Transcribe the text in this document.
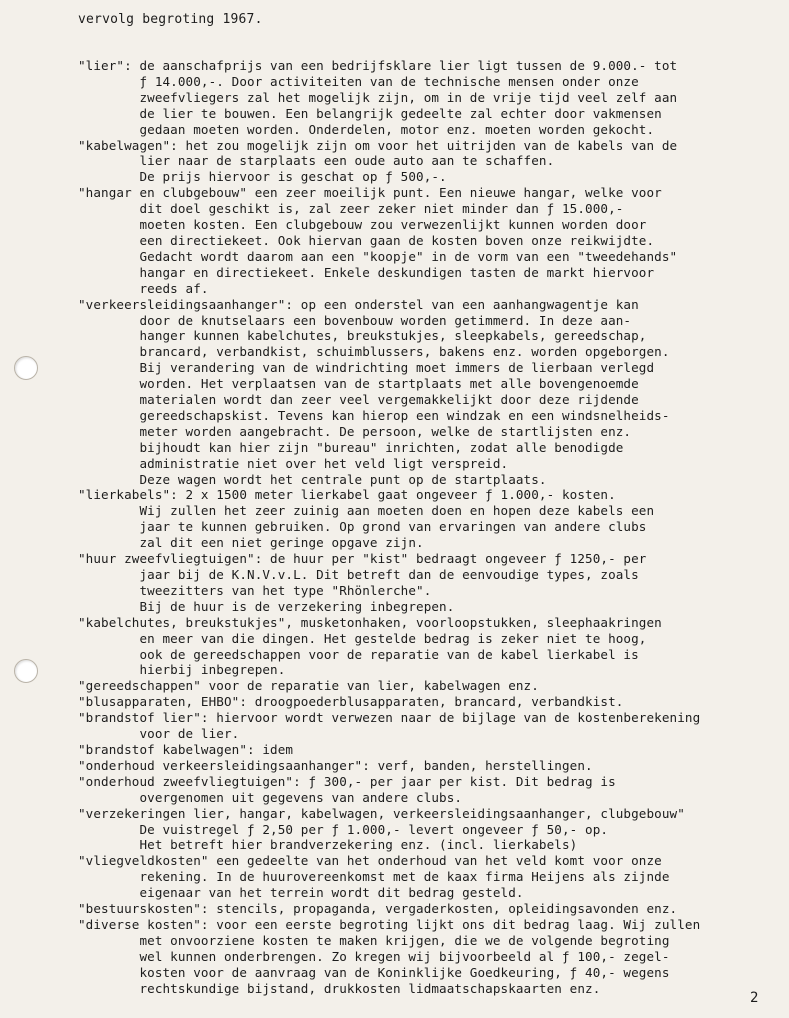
vervolg begroting 1967.
"lier": de aanschafprijs van een bedrijfsklare lier ligt tussen de 9.000.- tot
ƒ 14.000,-. Door activiteiten van de technische mensen onder onze
zweefvliegers zal het mogelijk zijn, om in de vrije tijd veel zelf aan
de lier te bouwen. Een belangrijk gedeelte zal echter door vakmensen
gedaan moeten worden. Onderdelen, motor enz. moeten worden gekocht.
"kabelwagen": het zou mogelijk zijn om voor het uitrijden van de kabels van de
lier naar de starplaats een oude auto aan te schaffen.
De prijs hiervoor is geschat op ƒ 500,-.
"hangar en clubgebouw" een zeer moeilijk punt. Een nieuwe hangar, welke voor
dit doel geschikt is, zal zeer zeker niet minder dan ƒ 15.000,-
moeten kosten. Een clubgebouw zou verwezenlijkt kunnen worden door
een directiekeet. Ook hiervan gaan de kosten boven onze reikwijdte.
Gedacht wordt daarom aan een "koopje" in de vorm van een "tweedehands"
hangar en directiekeet. Enkele deskundigen tasten de markt hiervoor
reeds af.
"verkeersleidingsaanhanger": op een onderstel van een aanhangwagentje kan
door de knutselaars een bovenbouw worden getimmerd. In deze aan-
hanger kunnen kabelchutes, breukstukjes, sleepkabels, gereedschap,
brancard, verbandkist, schuimblussers, bakens enz. worden opgeborgen.
Bij verandering van de windrichting moet immers de lierbaan verlegd
worden. Het verplaatsen van de startplaats met alle bovengenoemde
materialen wordt dan zeer veel vergemakkelijkt door deze rijdende
gereedschapskist. Tevens kan hierop een windzak en een windsnelheids-
meter worden aangebracht. De persoon, welke de startlijsten enz.
bijhoudt kan hier zijn "bureau" inrichten, zodat alle benodigde
administratie niet over het veld ligt verspreid.
Deze wagen wordt het centrale punt op de startplaats.
"lierkabels": 2 x 1500 meter lierkabel gaat ongeveer ƒ 1.000,- kosten.
Wij zullen het zeer zuinig aan moeten doen en hopen deze kabels een
jaar te kunnen gebruiken. Op grond van ervaringen van andere clubs
zal dit een niet geringe opgave zijn.
"huur zweefvliegtuigen": de huur per "kist" bedraagt ongeveer ƒ 1250,- per
jaar bij de K.N.V.v.L. Dit betreft dan de eenvoudige types, zoals
tweezitters van het type "Rhönlerche".
Bij de huur is de verzekering inbegrepen.
"kabelchutes, breukstukjes", musketonhaken, voorloopstukken, sleephaakringen
en meer van die dingen. Het gestelde bedrag is zeker niet te hoog,
ook de gereedschappen voor de reparatie van de kabel lierkabel is
hierbij inbegrepen.
"gereedschappen" voor de reparatie van lier, kabelwagen enz.
"blusapparaten, EHBO": droogpoederblusapparaten, brancard, verbandkist.
"brandstof lier": hiervoor wordt verwezen naar de bijlage van de kostenberekening
voor de lier.
"brandstof kabelwagen": idem
"onderhoud verkeersleidingsaanhanger": verf, banden, herstellingen.
"onderhoud zweefvliegtuigen": ƒ 300,- per jaar per kist. Dit bedrag is
overgenomen uit gegevens van andere clubs.
"verzekeringen lier, hangar, kabelwagen, verkeersleidingsaanhanger, clubgebouw"
De vuistregel ƒ 2,50 per ƒ 1.000,- levert ongeveer ƒ 50,- op.
Het betreft hier brandverzekering enz. (incl. lierkabels)
"vliegveldkosten" een gedeelte van het onderhoud van het veld komt voor onze
rekening. In de huurovereenkomst met de kaax firma Heijens als zijnde
eigenaar van het terrein wordt dit bedrag gesteld.
"bestuurskosten": stencils, propaganda, vergaderkosten, opleidingsavonden enz.
"diverse kosten": voor een eerste begroting lijkt ons dit bedrag laag. Wij zullen
met onvoorziene kosten te maken krijgen, die we de volgende begroting
wel kunnen onderbrengen. Zo kregen wij bijvoorbeeld al ƒ 100,- zegel-
kosten voor de aanvraag van de Koninklijke Goedkeuring, ƒ 40,- wegens
rechtskundige bijstand, drukkosten lidmaatschapskaarten enz.
2
